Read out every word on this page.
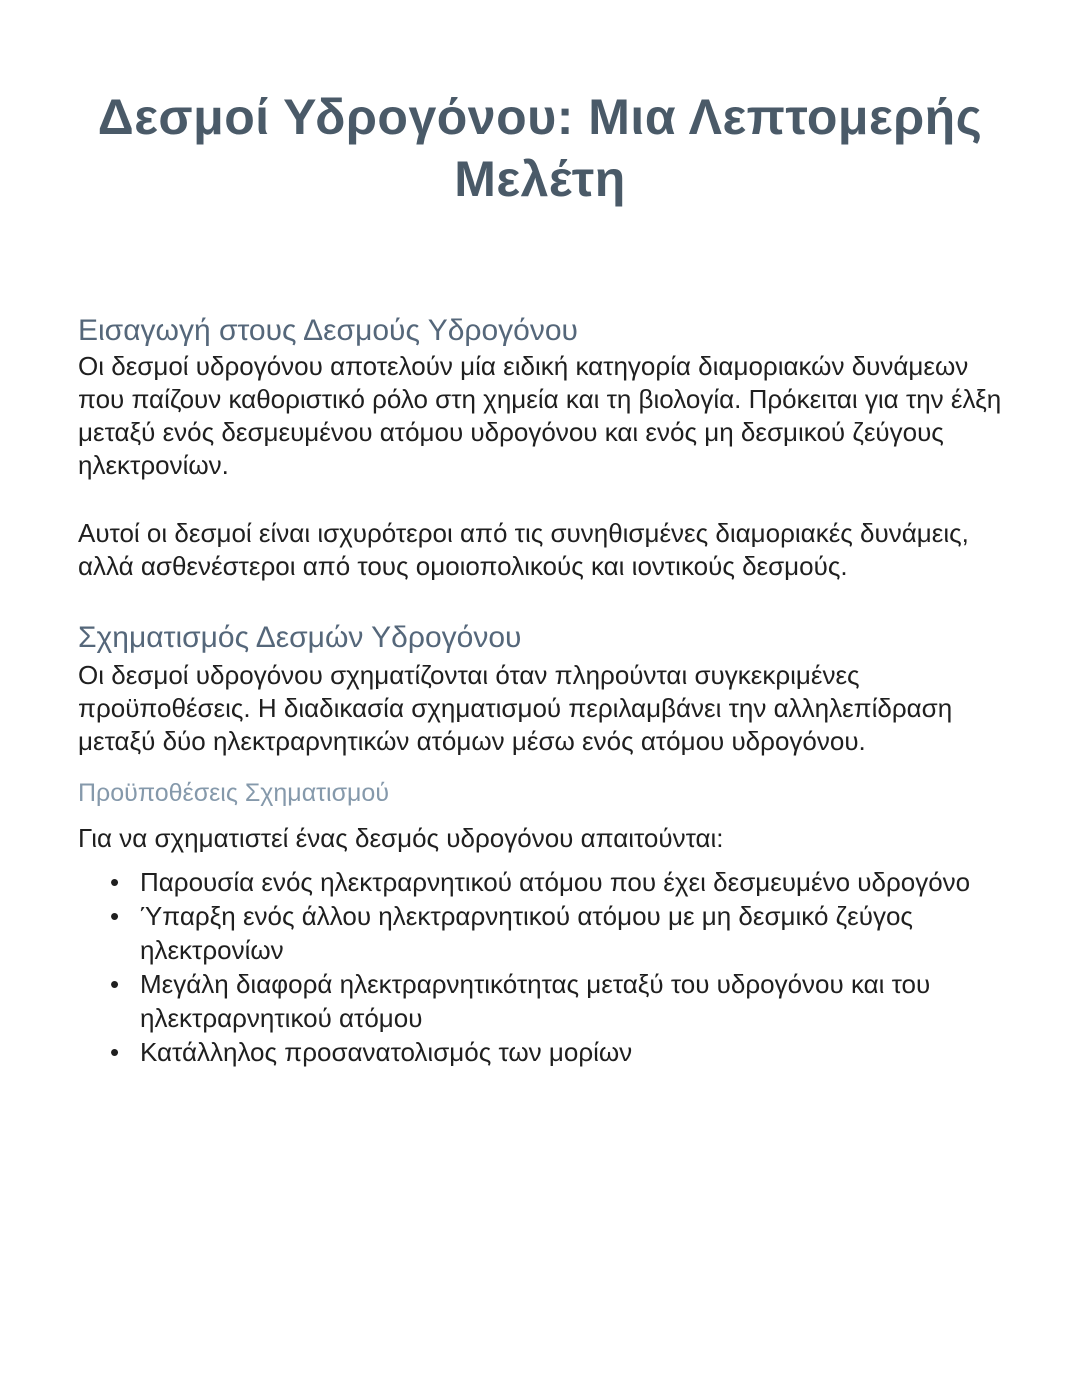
Δεσμοί Υδρογόνου: Μια Λεπτομερής Μελέτη
Εισαγωγή στους Δεσμούς Υδρογόνου

Οι δεσμοί υδρογόνου αποτελούν μία ειδική κατηγορία διαμοριακών δυνάμεων που παίζουν καθοριστικό ρόλο στη χημεία και τη βιολογία. Πρόκειται για την έλξη μεταξύ ενός δεσμευμένου ατόμου υδρογόνου και ενός μη δεσμικού ζεύγους ηλεκτρονίων.

Αυτοί οι δεσμοί είναι ισχυρότεροι από τις συνηθισμένες διαμοριακές δυνάμεις, αλλά ασθενέστεροι από τους ομοιοπολικούς και ιοντικούς δεσμούς.

Σχηματισμός Δεσμών Υδρογόνου

Οι δεσμοί υδρογόνου σχηματίζονται όταν πληρούνται συγκεκριμένες προϋποθέσεις. Η διαδικασία σχηματισμού περιλαμβάνει την αλληλεπίδραση μεταξύ δύο ηλεκτραρνητικών ατόμων μέσω ενός ατόμου υδρογόνου.

Προϋποθέσεις Σχηματισμού

Για να σχηματιστεί ένας δεσμός υδρογόνου απαιτούνται:

• Παρουσία ενός ηλεκτραρνητικού ατόμου που έχει δεσμευμένο υδρογόνο
• Ύπαρξη ενός άλλου ηλεκτραρνητικού ατόμου με μη δεσμικό ζεύγος ηλεκτρονίων
• Μεγάλη διαφορά ηλεκτραρνητικότητας μεταξύ του υδρογόνου και του ηλεκτραρνητικού ατόμου
• Κατάλληλος προσανατολισμός των μορίων
